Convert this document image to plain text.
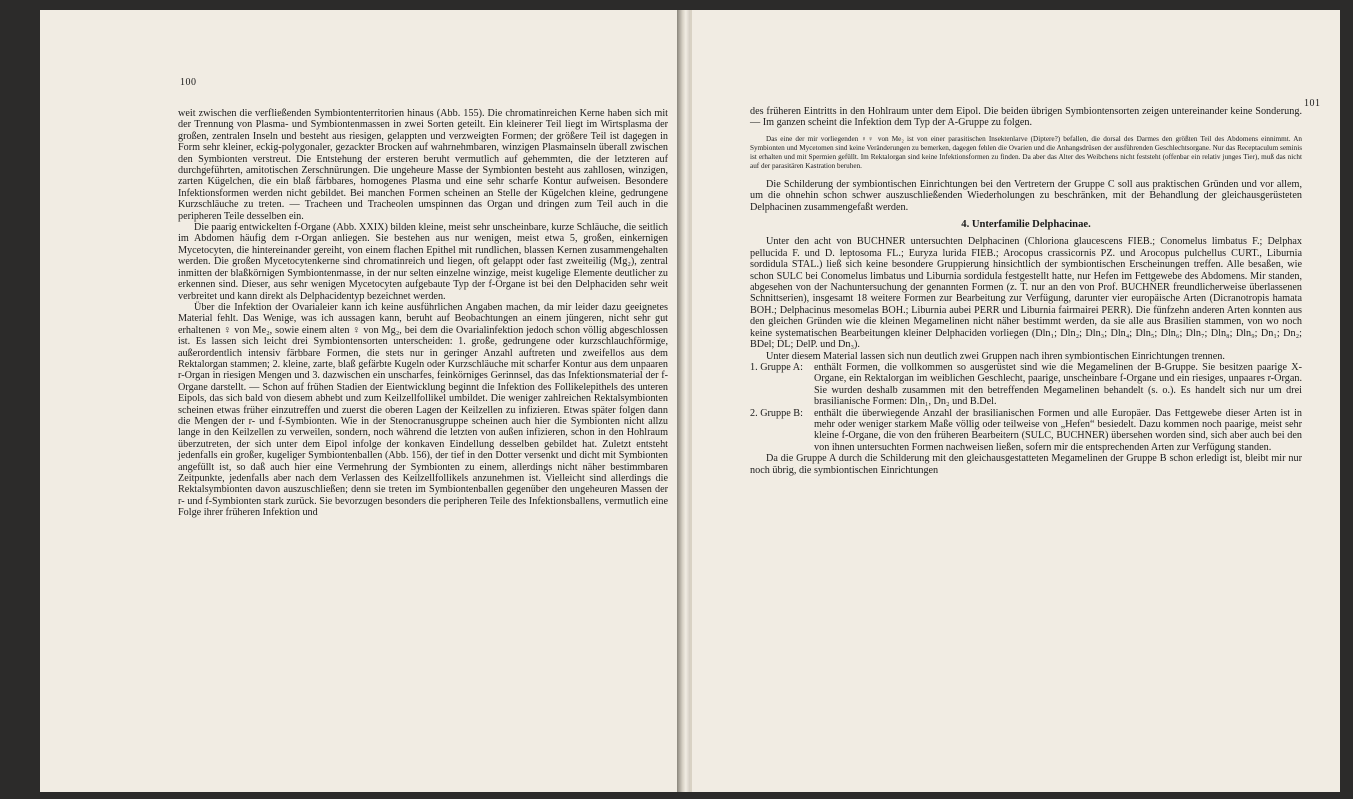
100

weit zwischen die verfließenden Symbiontenterritorien hinaus (Abb. 155). Die chromatinreichen Kerne haben sich mit der Trennung von Plasma- und Symbiontenmassen in zwei Sorten geteilt. Ein kleinerer Teil liegt im Wirtsplasma der großen, zentralen Inseln und besteht aus riesigen, gelappten und verzweigten Formen; der größere Teil ist dagegen in Form sehr kleiner, eckig-polygonaler, gezackter Brocken auf wahrnehmbaren, winzigen Plasmainseln überall zwischen den Symbionten verstreut. Die Entstehung der ersteren beruht vermutlich auf gehemmten, die der letzteren auf durchgeführten, amitotischen Zerschnürungen. Die ungeheure Masse der Symbionten besteht aus zahllosen, winzigen, zarten Kügelchen, die ein blaß färbbares, homogenes Plasma und eine sehr scharfe Kontur aufweisen. Besondere Infektionsformen werden nicht gebildet. Bei manchen Formen scheinen an Stelle der Kügelchen kleine, gedrungene Kurzschläuche zu treten. — Tracheen und Tracheolen umspinnen das Organ und dringen zum Teil auch in die peripheren Teile desselben ein.

Die paarig entwickelten f-Organe (Abb. XXIX) bilden kleine, meist sehr unscheinbare, kurze Schläuche, die seitlich im Abdomen häufig dem r-Organ anliegen. Sie bestehen aus nur wenigen, meist etwa 5, großen, einkernigen Mycetocyten, die hintereinander gereiht, von einem flachen Epithel mit rundlichen, blassen Kernen zusammengehalten werden. Die großen Mycetocytenkerne sind chromatinreich und liegen, oft gelappt oder fast zweiteilig (Mg₂), zentral inmitten der blaßkörnigen Symbiontenmasse, in der nur selten einzelne winzige, meist kugelige Elemente deutlicher zu erkennen sind. Dieser, aus sehr wenigen Mycetocyten aufgebaute Typ der f-Organe ist bei den Delphaciden sehr weit verbreitet und kann direkt als Delphacidentyp bezeichnet werden.

Über die Infektion der Ovarialeier kann ich keine ausführlichen Angaben machen, da mir leider dazu geeignetes Material fehlt. Das Wenige, was ich aussagen kann, beruht auf Beobachtungen an einem jüngeren, nicht sehr gut erhaltenen ♀ von Me₂, sowie einem alten ♀ von Mg₂, bei dem die Ovarialinfektion jedoch schon völlig abgeschlossen ist. Es lassen sich leicht drei Symbiontensorten unterscheiden: 1. große, gedrungene oder kurzschlauchförmige, außerordentlich intensiv färbbare Formen, die stets nur in geringer Anzahl auftreten und zweifellos aus dem Rektalorgan stammen; 2. kleine, zarte, blaß gefärbte Kugeln oder Kurzschläuche mit scharfer Kontur aus dem unpaaren r-Organ in riesigen Mengen und 3. dazwischen ein unscharfes, feinkörniges Gerinnsel, das das Infektionsmaterial der f-Organe darstellt. — Schon auf frühen Stadien der Eientwicklung beginnt die Infektion des Follikelepithels des unteren Eipols, das sich bald von diesem abhebt und zum Keilzellfollikel umbildet. Die weniger zahlreichen Rektalsymbionten scheinen etwas früher einzutreffen und zuerst die oberen Lagen der Keilzellen zu infizieren. Etwas später folgen dann die Mengen der r- und f-Symbionten. Wie in der Stenocranusgruppe scheinen auch hier die Symbionten nicht allzu lange in den Keilzellen zu verweilen, sondern, noch während die letzten von außen infizieren, schon in den Hohlraum überzutreten, der sich unter dem Eipol infolge der konkaven Eindellung desselben gebildet hat. Zuletzt entsteht jedenfalls ein großer, kugeliger Symbiontenballen (Abb. 156), der tief in den Dotter versenkt und dicht mit Symbionten angefüllt ist, so daß auch hier eine Vermehrung der Symbionten zu einem, allerdings nicht näher bestimmbaren Zeitpunkte, jedenfalls aber nach dem Verlassen des Keilzellfollikels anzunehmen ist. Vielleicht sind allerdings die Rektalsymbionten davon auszuschließen; denn sie treten im Symbiontenballen gegenüber den ungeheuren Massen der r- und f-Symbionten stark zurück. Sie bevorzugen besonders die peripheren Teile des Infektionsballens, vermutlich eine Folge ihrer früheren Infektion und

101

des früheren Eintritts in den Hohlraum unter dem Eipol. Die beiden übrigen Symbiontensorten zeigen untereinander keine Sonderung. — Im ganzen scheint die Infektion dem Typ der A-Gruppe zu folgen.

Das eine der mir vorliegenden ♀♀ von Me₂ ist von einer parasitischen Insektenlarve (Diptere?) befallen, die dorsal des Darmes den größten Teil des Abdomens einnimmt. An Symbionten und Mycetomen sind keine Veränderungen zu bemerken, dagegen fehlen die Ovarien und die Anhangsdrüsen der ausführenden Geschlechtsorgane. Nur das Receptaculum seminis ist erhalten und mit Spermien gefüllt. Im Rektalorgan sind keine Infektionsformen zu finden. Da aber das Alter des Weibchens nicht feststeht (offenbar ein relativ junges Tier), muß das nicht auf der parasitären Kastration beruhen.

Die Schilderung der symbiontischen Einrichtungen bei den Vertretern der Gruppe C soll aus praktischen Gründen und vor allem, um die ohnehin schon schwer auszuschließenden Wiederholungen zu beschränken, mit der Behandlung der gleichausgerüsteten Delphacinen zusammengefaßt werden.

4. Unterfamilie Delphacinae.

Unter den acht von BUCHNER untersuchten Delphacinen (Chloriona glaucescens FIEB.; Conomelus limbatus F.; Delphax pellucida F. und D. leptosoma FL.; Euryza lurida FIEB.; Arocopus crassicornis PZ. und Arocopus pulchellus CURT., Liburnia sordidula STAL.) ließ sich keine besondere Gruppierung hinsichtlich der symbiontischen Erscheinungen treffen. Alle besaßen, wie schon SULC bei Conomelus limbatus und Liburnia sordidula festgestellt hatte, nur Hefen im Fettgewebe des Abdomens. Mir standen, abgesehen von der Nachuntersuchung der genannten Formen (z. T. nur an den von Prof. BUCHNER freundlicherweise überlassenen Schnittserien), insgesamt 18 weitere Formen zur Bearbeitung zur Verfügung, darunter vier europäische Arten (Dicranotropis hamata BOH.; Delphacinus mesomelas BOH.; Liburnia aubei PERR und Liburnia fairmairei PERR). Die fünfzehn anderen Arten konnten aus den gleichen Gründen wie die kleinen Megamelinen nicht näher bestimmt werden, da sie alle aus Brasilien stammen, von wo noch keine systematischen Bearbeitungen kleiner Delphaciden vorliegen (Dln₁; Dln₂; Dln₃; Dln₄; Dln₅; Dln₆; Dln₇; Dln₈; Dln₉; Dn₁; Dn₂; BDel; DL; DelP. und Dn₃).

Unter diesem Material lassen sich nun deutlich zwei Gruppen nach ihren symbiontischen Einrichtungen trennen.

1. Gruppe A:	enthält Formen, die vollkommen so ausgerüstet sind wie die Megamelinen der B-Gruppe. Sie besitzen paarige X-Organe, ein Rektalorgan im weiblichen Geschlecht, paarige, unscheinbare f-Organe und ein riesiges, unpaares r-Organ. Sie wurden deshalb zusammen mit den betreffenden Megamelinen behandelt (s. o.). Es handelt sich nur um drei brasilianische Formen: Dln₁, Dn₂ und B.Del.
2. Gruppe B:	enthält die überwiegende Anzahl der brasilianischen Formen und alle Europäer. Das Fettgewebe dieser Arten ist in mehr oder weniger starkem Maße völlig oder teilweise von „Hefen“ besiedelt. Dazu kommen noch paarige, meist sehr kleine f-Organe, die von den früheren Bearbeitern (SULC, BUCHNER) übersehen worden sind, sich aber auch bei den von ihnen untersuchten Formen nachweisen ließen, sofern mir die entsprechenden Arten zur Verfügung standen.

Da die Gruppe A durch die Schilderung mit den gleichausgestatteten Megamelinen der Gruppe B schon erledigt ist, bleibt mir nur noch übrig, die symbiontischen Einrichtungen
